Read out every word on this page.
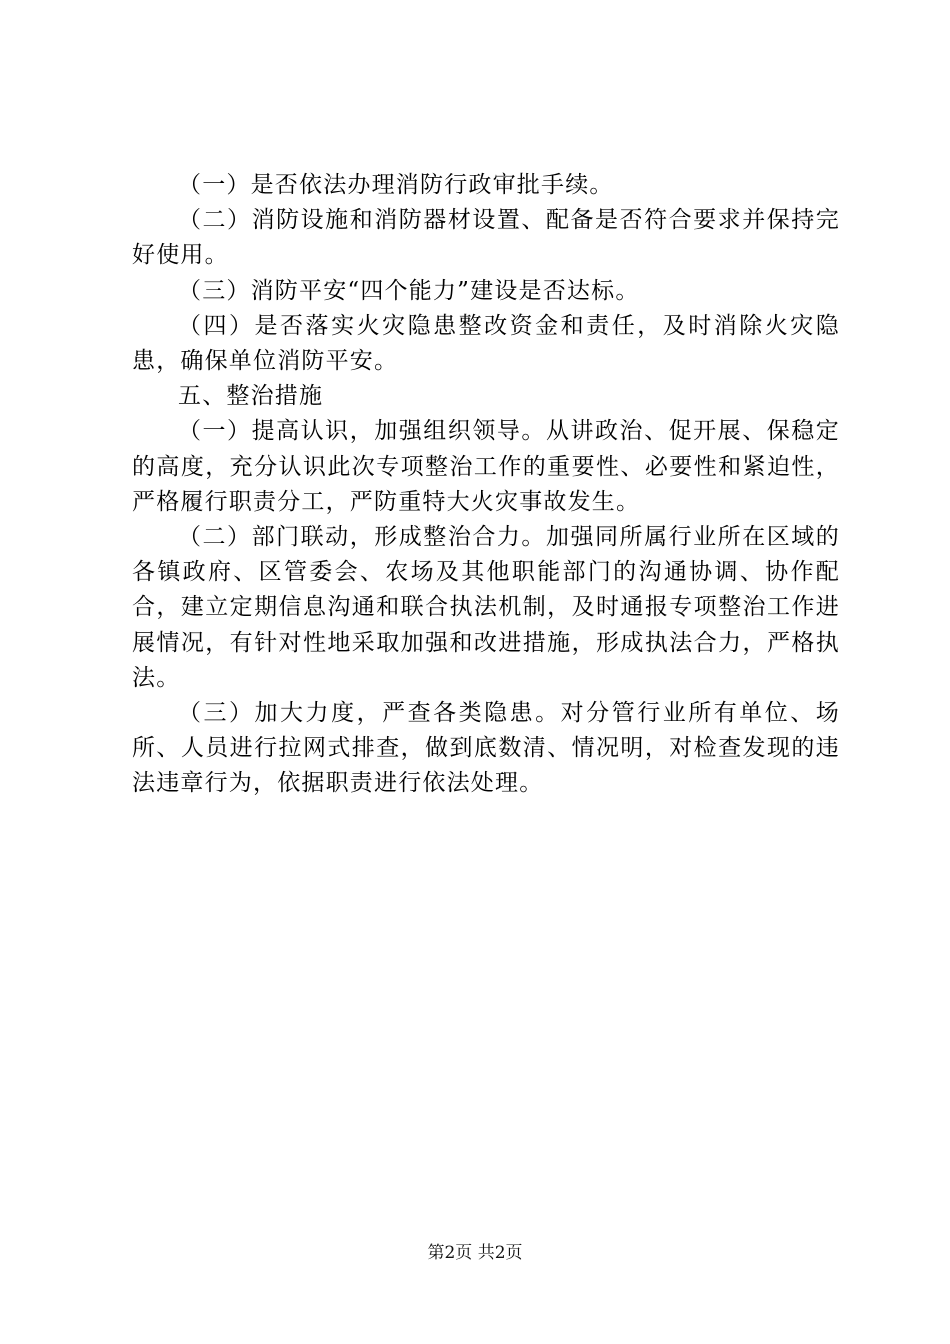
（一）是否依法办理消防行政审批手续。

（二）消防设施和消防器材设置、配备是否符合要求并保持完好使用。

（三）消防平安“四个能力”建设是否达标。

（四）是否落实火灾隐患整改资金和责任，及时消除火灾隐患，确保单位消防平安。

五、整治措施

（一）提高认识，加强组织领导。从讲政治、促开展、保稳定的高度，充分认识此次专项整治工作的重要性、必要性和紧迫性，严格履行职责分工，严防重特大火灾事故发生。

（二）部门联动，形成整治合力。加强同所属行业所在区域的各镇政府、区管委会、农场及其他职能部门的沟通协调、协作配合，建立定期信息沟通和联合执法机制，及时通报专项整治工作进展情况，有针对性地采取加强和改进措施，形成执法合力，严格执法。

（三）加大力度，严查各类隐患。对分管行业所有单位、场所、人员进行拉网式排查，做到底数清、情况明，对检查发现的违法违章行为，依据职责进行依法处理。

第2页 共2页
